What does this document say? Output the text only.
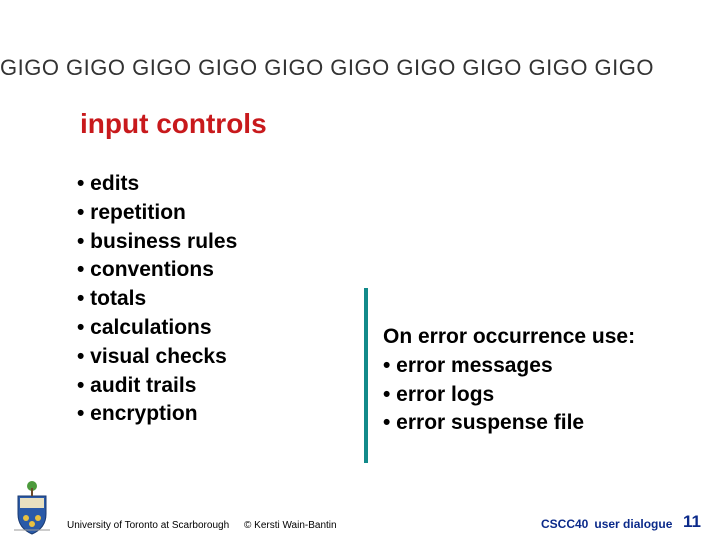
GIGO GIGO GIGO GIGO GIGO GIGO GIGO GIGO GIGO GIGO
input controls
• edits
• repetition
• business rules
• conventions
• totals
• calculations
• visual checks
• audit trails
• encryption
On error occurrence use:
• error messages
• error logs
• error suspense file
University of Toronto at Scarborough © Kersti Wain-Bantin	CSCC40 user dialogue 11
